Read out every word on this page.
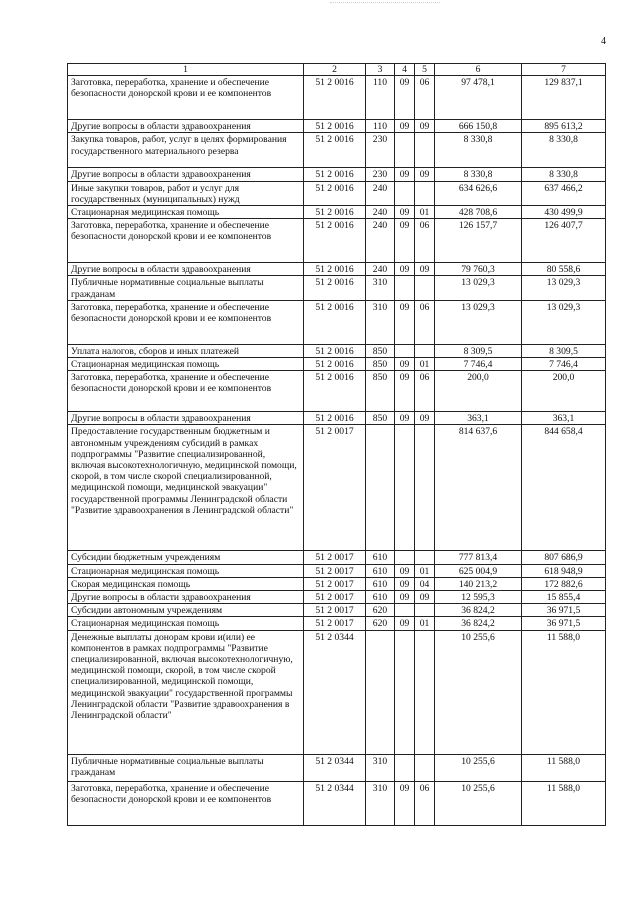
4
1	2	3	4	5	6	7
Заготовка, переработка, хранение и обеспечение безопасности донорской крови и ее компонентов	51 2 0016	110	09	06	97 478,1	129 837,1
Другие вопросы в области здравоохранения	51 2 0016	110	09	09	666 150,8	895 613,2
Закупка товаров, работ, услуг в целях формирования государственного материального резерва	51 2 0016	230			8 330,8	8 330,8
Другие вопросы в области здравоохранения	51 2 0016	230	09	09	8 330,8	8 330,8
Иные закупки товаров, работ и услуг для государственных (муниципальных) нужд	51 2 0016	240			634 626,6	637 466,2
Стационарная медицинская помощь	51 2 0016	240	09	01	428 708,6	430 499,9
Заготовка, переработка, хранение и обеспечение безопасности донорской крови и ее компонентов	51 2 0016	240	09	06	126 157,7	126 407,7
Другие вопросы в области здравоохранения	51 2 0016	240	09	09	79 760,3	80 558,6
Публичные нормативные социальные выплаты гражданам	51 2 0016	310			13 029,3	13 029,3
Заготовка, переработка, хранение и обеспечение безопасности донорской крови и ее компонентов	51 2 0016	310	09	06	13 029,3	13 029,3
Уплата налогов, сборов и иных платежей	51 2 0016	850			8 309,5	8 309,5
Стационарная медицинская помощь	51 2 0016	850	09	01	7 746,4	7 746,4
Заготовка, переработка, хранение и обеспечение безопасности донорской крови и ее компонентов	51 2 0016	850	09	06	200,0	200,0
Другие вопросы в области здравоохранения	51 2 0016	850	09	09	363,1	363,1
Предоставление государственным бюджетным и автономным учреждениям субсидий в рамках подпрограммы "Развитие специализированной, включая высокотехнологичную, медицинской помощи, скорой, в том числе скорой специализированной, медицинской помощи, медицинской эвакуации" государственной программы Ленинградской области "Развитие здравоохранения в Ленинградской области"	51 2 0017				814 637,6	844 658,4
Субсидии бюджетным учреждениям	51 2 0017	610			777 813,4	807 686,9
Стационарная медицинская помощь	51 2 0017	610	09	01	625 004,9	618 948,9
Скорая медицинская помощь	51 2 0017	610	09	04	140 213,2	172 882,6
Другие вопросы в области здравоохранения	51 2 0017	610	09	09	12 595,3	15 855,4
Субсидии автономным учреждениям	51 2 0017	620			36 824,2	36 971,5
Стационарная медицинская помощь	51 2 0017	620	09	01	36 824,2	36 971,5
Денежные выплаты донорам крови и(или) ее компонентов в рамках подпрограммы "Развитие специализированной, включая высокотехнологичную, медицинской помощи, скорой, в том числе скорой специализированной, медицинской помощи, медицинской эвакуации" государственной программы Ленинградской области "Развитие здравоохранения в Ленинградской области"	51 2 0344				10 255,6	11 588,0
Публичные нормативные социальные выплаты гражданам	51 2 0344	310			10 255,6	11 588,0
Заготовка, переработка, хранение и обеспечение безопасности донорской крови и ее компонентов	51 2 0344	310	09	06	10 255,6	11 588,0
